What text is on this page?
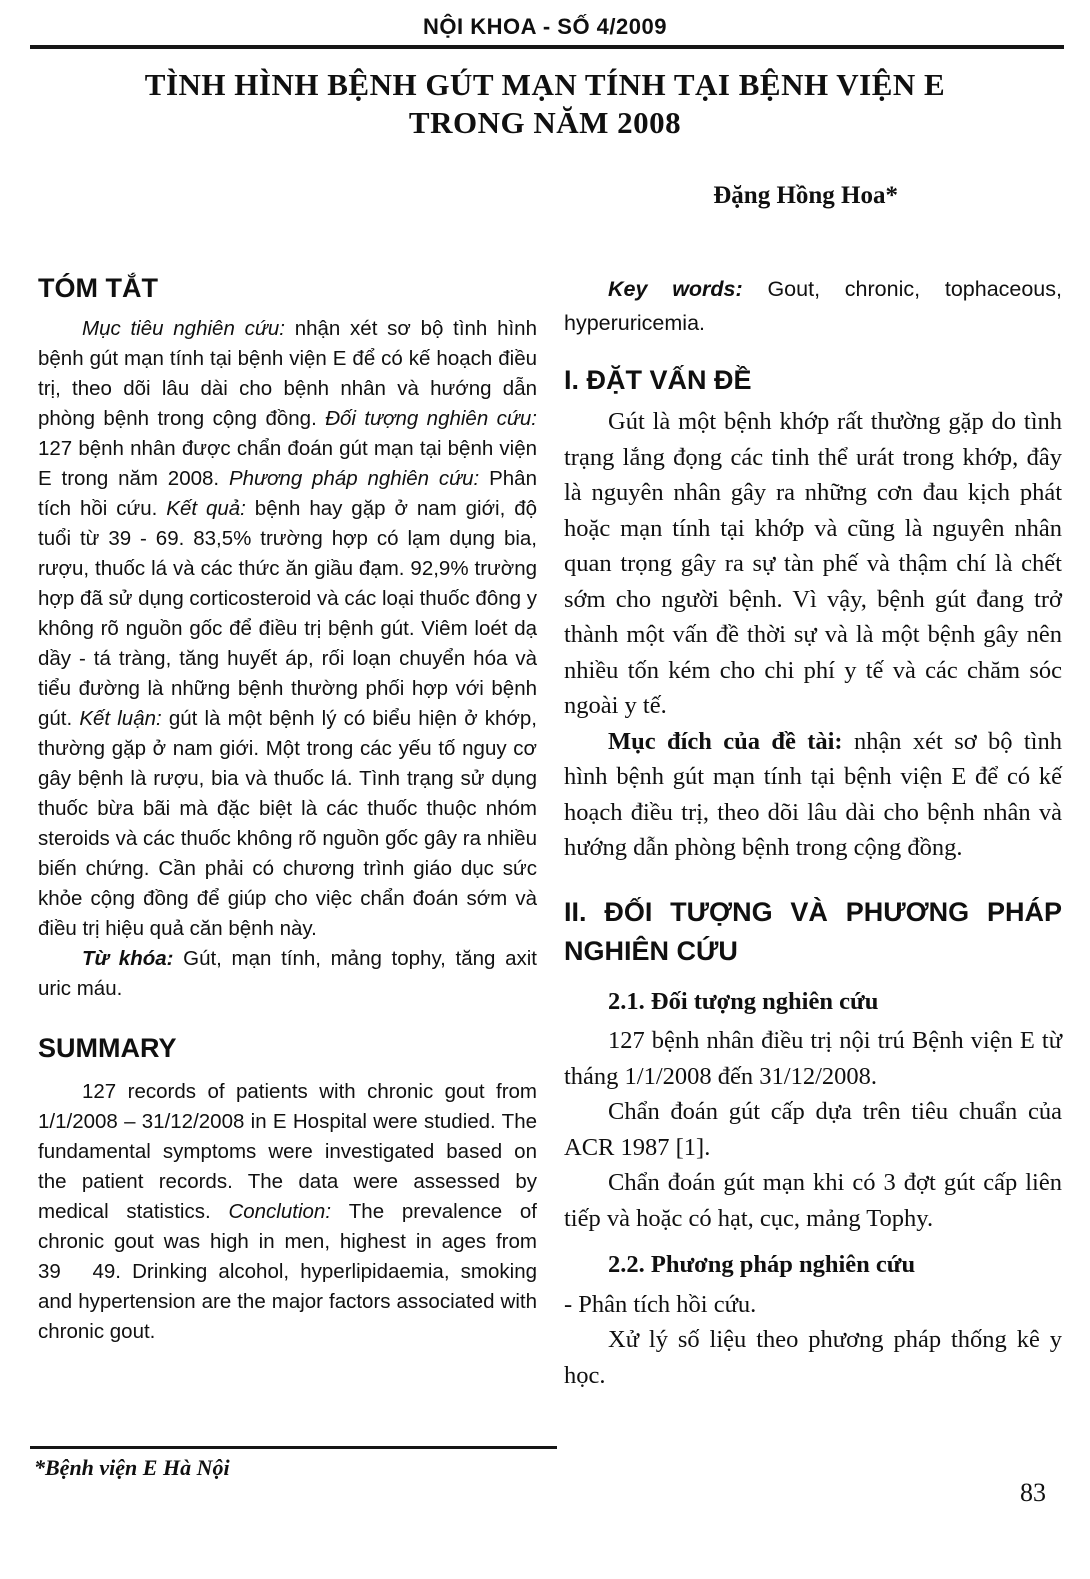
NỘI KHOA - SỐ 4/2009
TÌNH HÌNH BỆNH GÚT MẠN TÍNH TẠI BỆNH VIỆN E
TRONG NĂM 2008
Đặng Hồng Hoa*
TÓM TẮT

Mục tiêu nghiên cứu: nhận xét sơ bộ tình hình bệnh gút mạn tính tại bệnh viện E để có kế hoạch điều trị, theo dõi lâu dài cho bệnh nhân và hướng dẫn phòng bệnh trong cộng đồng. Đối tượng nghiên cứu: 127 bệnh nhân được chẩn đoán gút mạn tại bệnh viện E trong năm 2008. Phương pháp nghiên cứu: Phân tích hồi cứu. Kết quả: bệnh hay gặp ở nam giới, độ tuổi từ 39 - 69. 83,5% trường hợp có lạm dụng bia, rượu, thuốc lá và các thức ăn giầu đạm. 92,9% trường hợp đã sử dụng corticosteroid và các loại thuốc đông y không rõ nguồn gốc để điều trị bệnh gút. Viêm loét dạ dầy - tá tràng, tăng huyết áp, rối loạn chuyển hóa và tiểu đường là những bệnh thường phối hợp với bệnh gút. Kết luận: gút là một bệnh lý có biểu hiện ở khớp, thường gặp ở nam giới. Một trong các yếu tố nguy cơ gây bệnh là rượu, bia và thuốc lá. Tình trạng sử dụng thuốc bừa bãi mà đặc biệt là các thuốc thuộc nhóm steroids và các thuốc không rõ nguồn gốc gây ra nhiều biến chứng. Cần phải có chương trình giáo dục sức khỏe cộng đồng để giúp cho việc chẩn đoán sớm và điều trị hiệu quả căn bệnh này.

Từ khóa: Gút, mạn tính, mảng tophy, tăng axit uric máu.

SUMMARY

127 records of patients with chronic gout from 1/1/2008 – 31/12/2008 in E Hospital were studied. The fundamental symptoms were investigated based on the patient records. The data were assessed by medical statistics. Conclution: The prevalence of chronic gout was high in men, highest in ages from 39  49. Drinking alcohol, hyperlipidaemia, smoking and hypertension are the major factors associated with chronic gout.

Key words: Gout, chronic, tophaceous, hyperuricemia.

I. ĐẶT VẤN ĐỀ

Gút là một bệnh khớp rất thường gặp do tình trạng lắng đọng các tinh thể urát trong khớp, đây là nguyên nhân gây ra những cơn đau kịch phát hoặc mạn tính tại khớp và cũng là nguyên nhân quan trọng gây ra sự tàn phế và thậm chí là chết sớm cho người bệnh. Vì vậy, bệnh gút đang trở thành một vấn đề thời sự và là một bệnh gây nên nhiều tốn kém cho chi phí y tế và các chăm sóc ngoài y tế.

Mục đích của đề tài: nhận xét sơ bộ tình hình bệnh gút mạn tính tại bệnh viện E để có kế hoạch điều trị, theo dõi lâu dài cho bệnh nhân và hướng dẫn phòng bệnh trong cộng đồng.

II. ĐỐI TƯỢNG VÀ PHƯƠNG PHÁP NGHIÊN CỨU
2.1. Đối tượng nghiên cứu

127 bệnh nhân điều trị nội trú Bệnh viện E từ tháng 1/1/2008 đến 31/12/2008.

Chẩn đoán gút cấp dựa trên tiêu chuẩn của ACR 1987 [1].

Chẩn đoán gút mạn khi có 3 đợt gút cấp liên tiếp và hoặc có hạt, cục, mảng Tophy.

2.2. Phương pháp nghiên cứu

- Phân tích hồi cứu.

Xử lý số liệu theo phương pháp thống kê y học.

*Bệnh viện E Hà Nội
83
